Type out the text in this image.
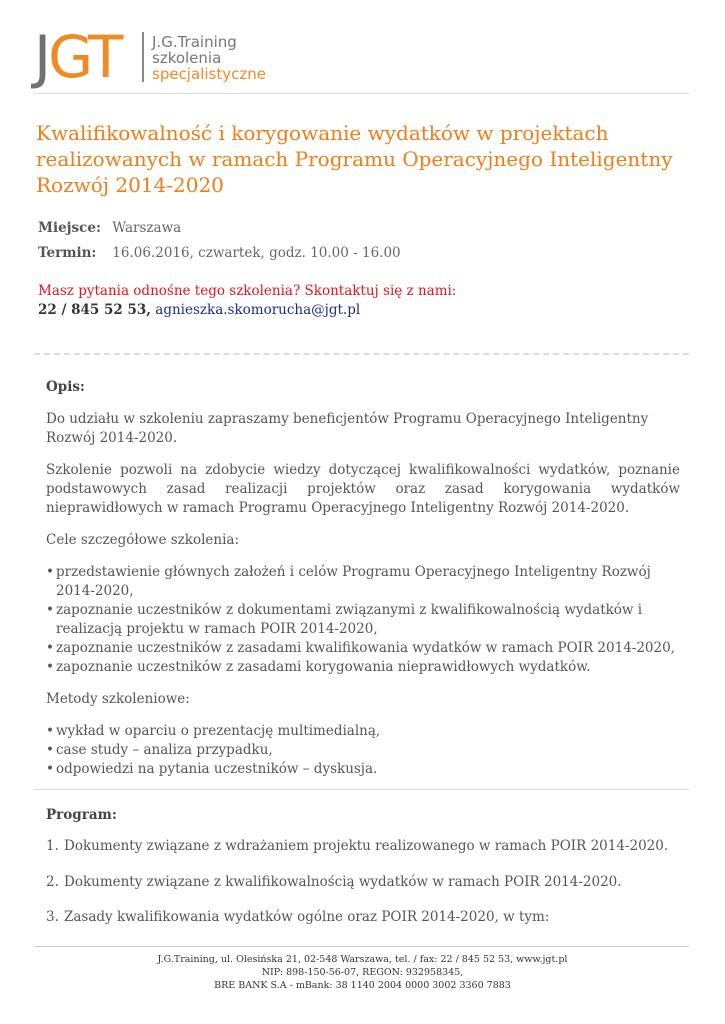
JGT J.G.Training
szkolenia
specjalistyczne
Kwalifikowalność i korygowanie wydatków w projektach realizowanych w ramach Programu Operacyjnego Inteligentny Rozwój 2014-2020
Miejsce: Warszawa
Termin: 16.06.2016, czwartek, godz. 10.00 - 16.00
Masz pytania odnośne tego szkolenia? Skontaktuj się z nami:
22 / 845 52 53, agnieszka.skomorucha@jgt.pl
Opis:
Do udziału w szkoleniu zapraszamy beneficjentów Programu Operacyjnego Inteligentny Rozwój 2014-2020.
Szkolenie pozwoli na zdobycie wiedzy dotyczącej kwalifikowalności wydatków, poznanie podstawowych zasad realizacji projektów oraz zasad korygowania wydatków nieprawidłowych w ramach Programu Operacyjnego Inteligentny Rozwój 2014-2020.
Cele szczegółowe szkolenia:
• przedstawienie głównych założeń i celów Programu Operacyjnego Inteligentny Rozwój 2014-2020,
• zapoznanie uczestników z dokumentami związanymi z kwalifikowalnością wydatków i realizacją projektu w ramach POIR 2014-2020,
• zapoznanie uczestników z zasadami kwalifikowania wydatków w ramach POIR 2014-2020,
• zapoznanie uczestników z zasadami korygowania nieprawidłowych wydatków.
Metody szkoleniowe:
• wykład w oparciu o prezentację multimedialną,
• case study – analiza przypadku,
• odpowiedzi na pytania uczestników – dyskusja.
Program:
1. Dokumenty związane z wdrażaniem projektu realizowanego w ramach POIR 2014-2020.
2. Dokumenty związane z kwalifikowalnością wydatków w ramach POIR 2014-2020.
3. Zasady kwalifikowania wydatków ogólne oraz POIR 2014-2020, w tym:
J.G.Training, ul. Olesińska 21, 02-548 Warszawa, tel. / fax: 22 / 845 52 53, www.jgt.pl
NIP: 898-150-56-07, REGON: 932958345,
BRE BANK S.A - mBank: 38 1140 2004 0000 3002 3360 7883
